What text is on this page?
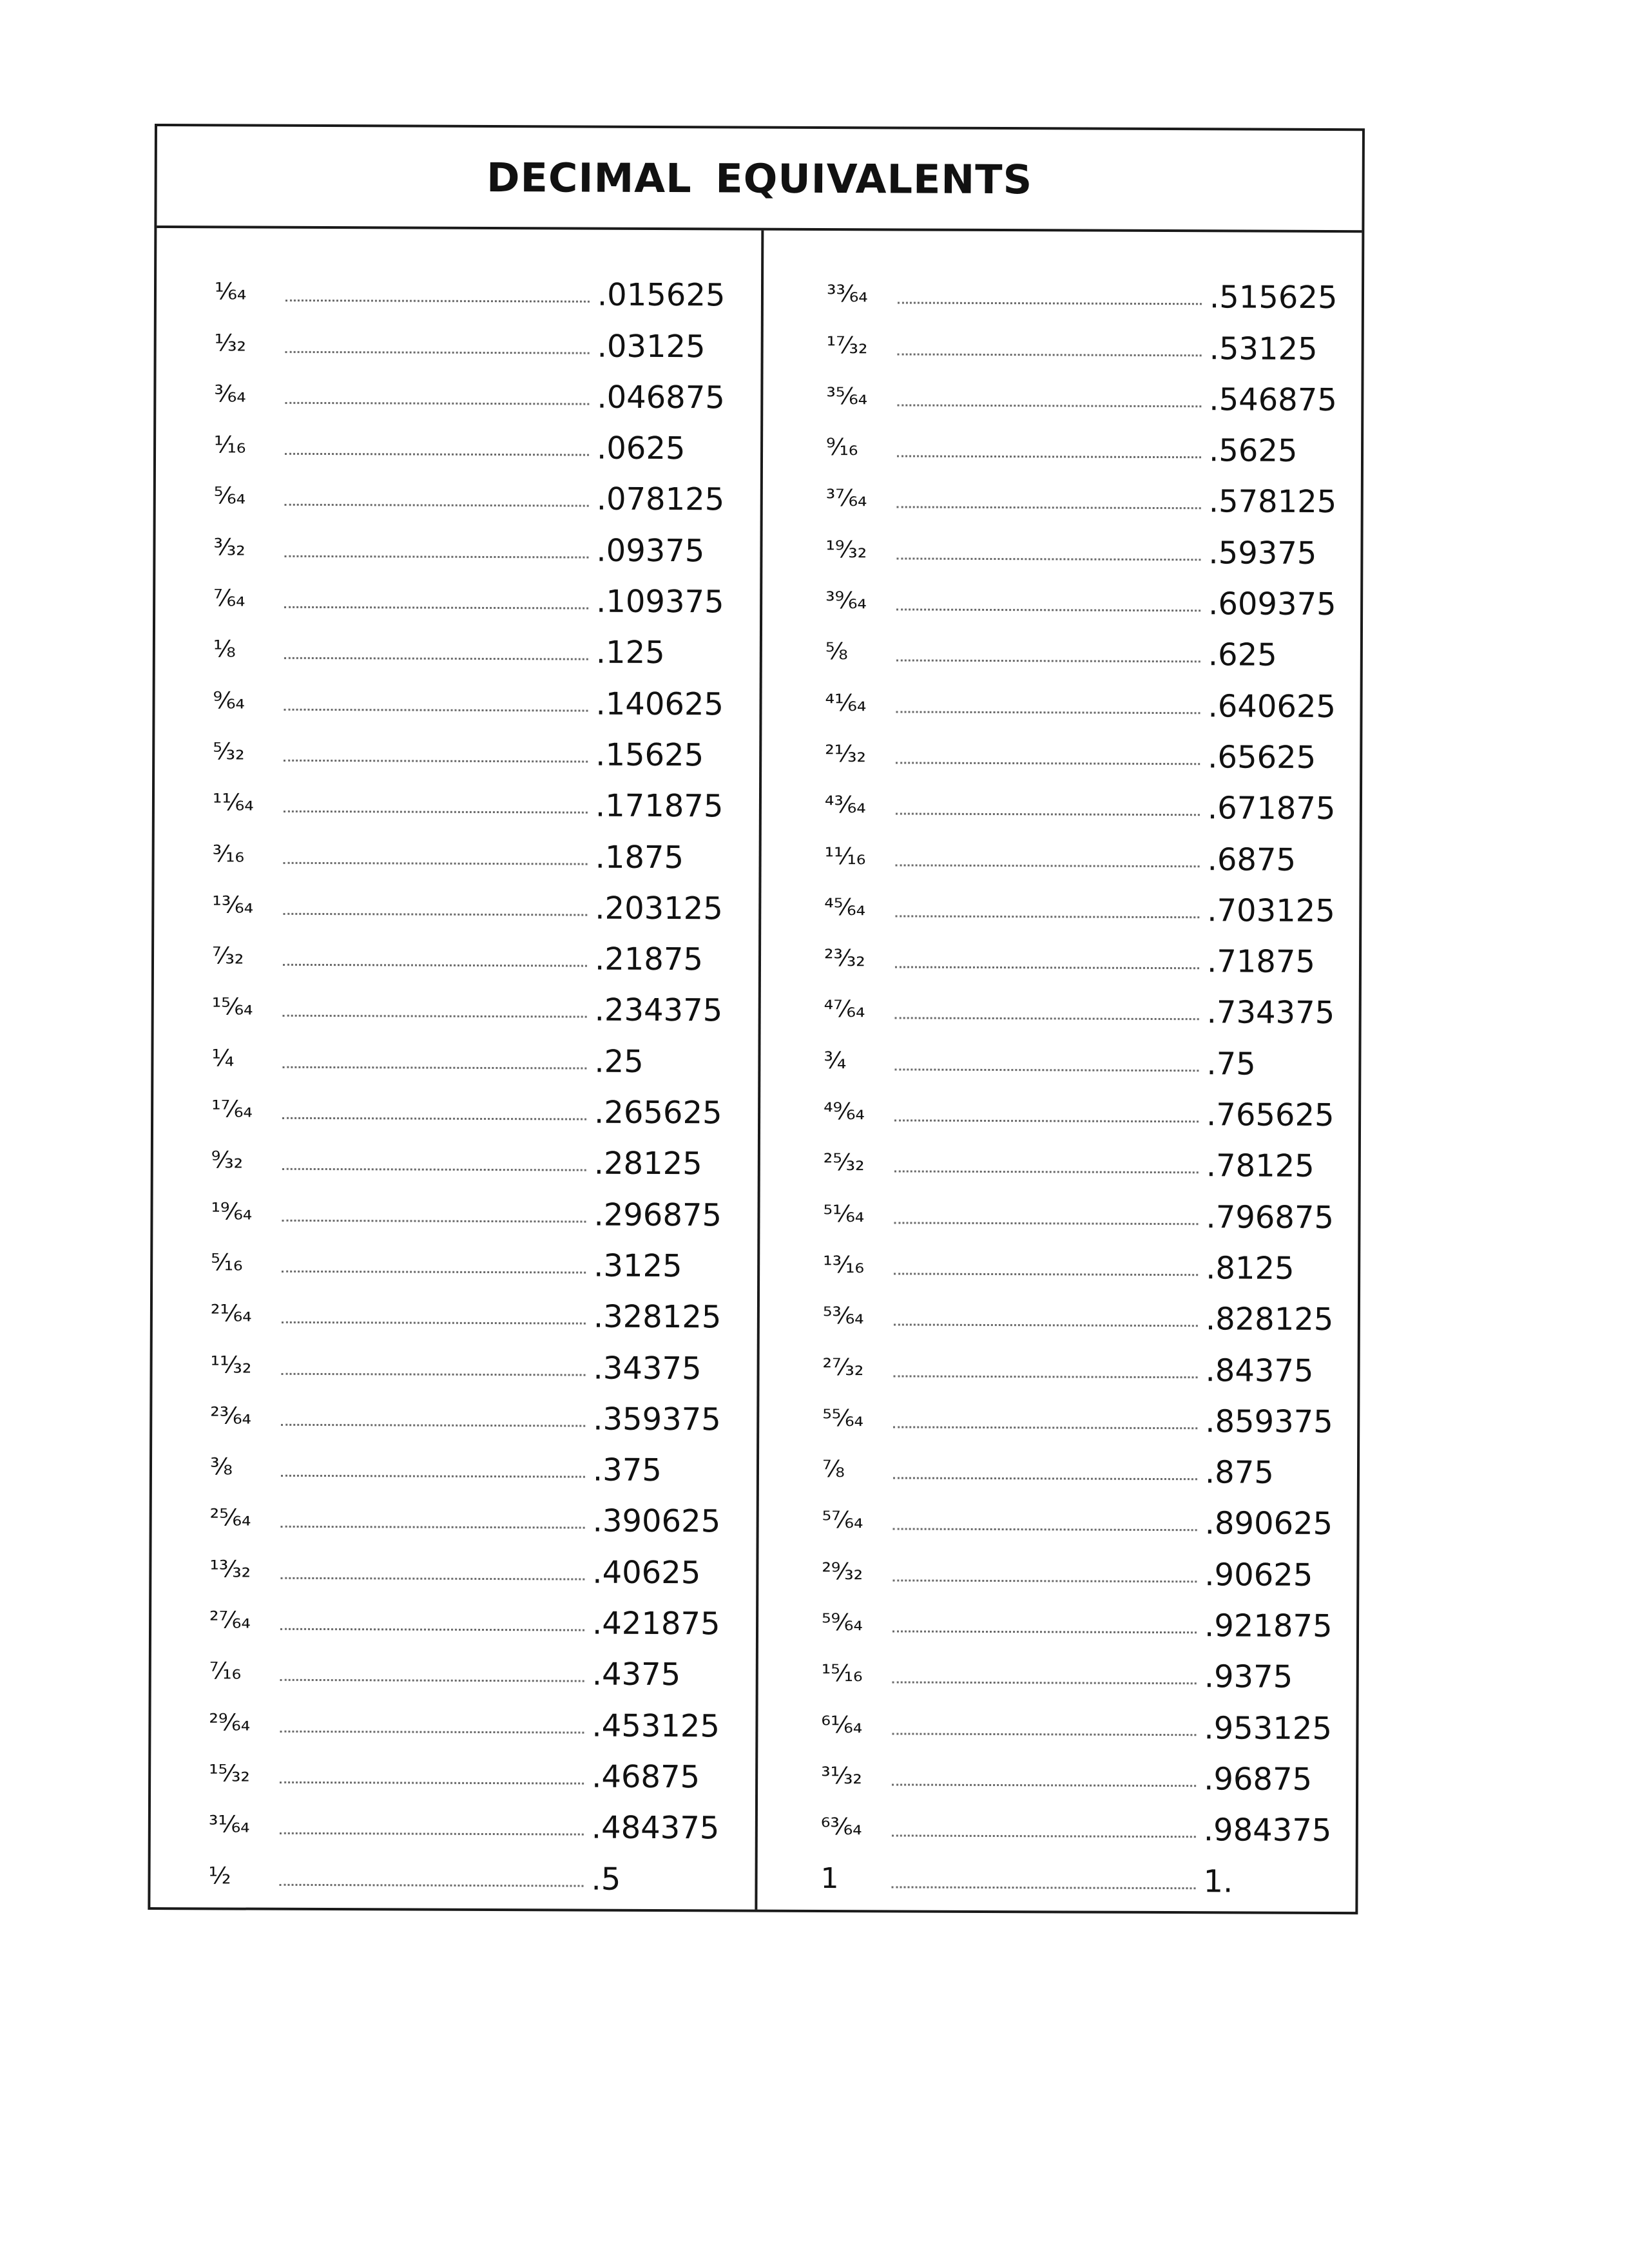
DECIMAL EQUIVALENTS
¹⁄₆₄	.015625
¹⁄₃₂	.03125
³⁄₆₄	.046875
¹⁄₁₆	.0625
⁵⁄₆₄	.078125
³⁄₃₂	.09375
⁷⁄₆₄	.109375
¹⁄₈	.125
⁹⁄₆₄	.140625
⁵⁄₃₂	.15625
¹¹⁄₆₄	.171875
³⁄₁₆	.1875
¹³⁄₆₄	.203125
⁷⁄₃₂	.21875
¹⁵⁄₆₄	.234375
¹⁄₄	.25
¹⁷⁄₆₄	.265625
⁹⁄₃₂	.28125
¹⁹⁄₆₄	.296875
⁵⁄₁₆	.3125
²¹⁄₆₄	.328125
¹¹⁄₃₂	.34375
²³⁄₆₄	.359375
³⁄₈	.375
²⁵⁄₆₄	.390625
¹³⁄₃₂	.40625
²⁷⁄₆₄	.421875
⁷⁄₁₆	.4375
²⁹⁄₆₄	.453125
¹⁵⁄₃₂	.46875
³¹⁄₆₄	.484375
¹⁄₂	.5
³³⁄₆₄	.515625
¹⁷⁄₃₂	.53125
³⁵⁄₆₄	.546875
⁹⁄₁₆	.5625
³⁷⁄₆₄	.578125
¹⁹⁄₃₂	.59375
³⁹⁄₆₄	.609375
⁵⁄₈	.625
⁴¹⁄₆₄	.640625
²¹⁄₃₂	.65625
⁴³⁄₆₄	.671875
¹¹⁄₁₆	.6875
⁴⁵⁄₆₄	.703125
²³⁄₃₂	.71875
⁴⁷⁄₆₄	.734375
³⁄₄	.75
⁴⁹⁄₆₄	.765625
²⁵⁄₃₂	.78125
⁵¹⁄₆₄	.796875
¹³⁄₁₆	.8125
⁵³⁄₆₄	.828125
²⁷⁄₃₂	.84375
⁵⁵⁄₆₄	.859375
⁷⁄₈	.875
⁵⁷⁄₆₄	.890625
²⁹⁄₃₂	.90625
⁵⁹⁄₆₄	.921875
¹⁵⁄₁₆	.9375
⁶¹⁄₆₄	.953125
³¹⁄₃₂	.96875
⁶³⁄₆₄	.984375
1	1.
